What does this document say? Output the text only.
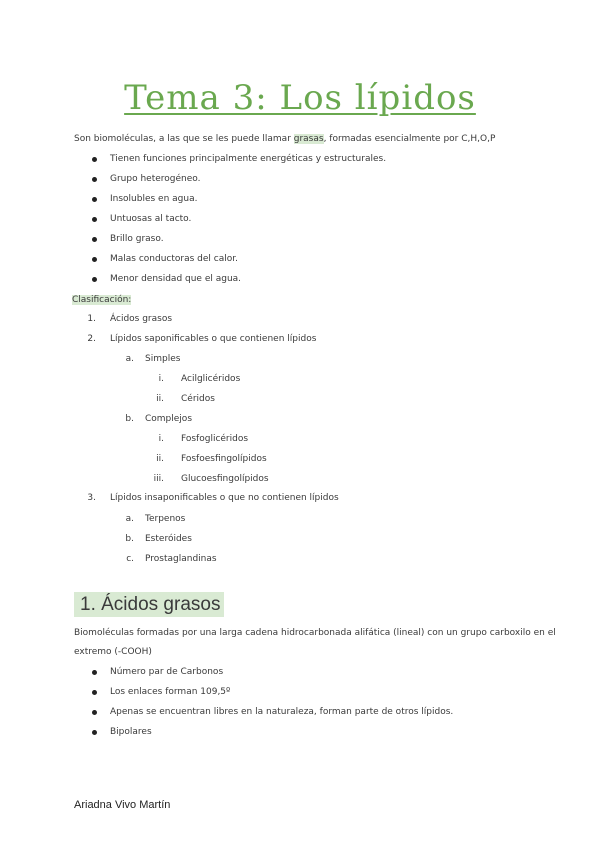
Tema 3: Los lípidos
Son biomoléculas, a las que se les puede llamar grasas, formadas esencialmente por C,H,O,P
Tienen funciones principalmente energéticas y estructurales.
Grupo heterogéneo.
Insolubles en agua.
Untuosas al tacto.
Brillo graso.
Malas conductoras del calor.
Menor densidad que el agua.
Clasificación:
1. Ácidos grasos
2. Lípidos saponificables o que contienen lípidos
a. Simples
i. Acilglicéridos
ii. Céridos
b. Complejos
i. Fosfoglicéridos
ii. Fosfoesfingolípidos
iii. Glucoesfingolípidos
3. Lípidos insaponificables o que no contienen lípidos
a. Terpenos
b. Esteróides
c. Prostaglandinas
1. Ácidos grasos
Biomoléculas formadas por una larga cadena hidrocarbonada alifática (lineal) con un grupo carboxilo en el
extremo (-COOH)
Número par de Carbonos
Los enlaces forman 109,5º
Apenas se encuentran libres en la naturaleza, forman parte de otros lípidos.
Bipolares
Ariadna Vivo Martín
